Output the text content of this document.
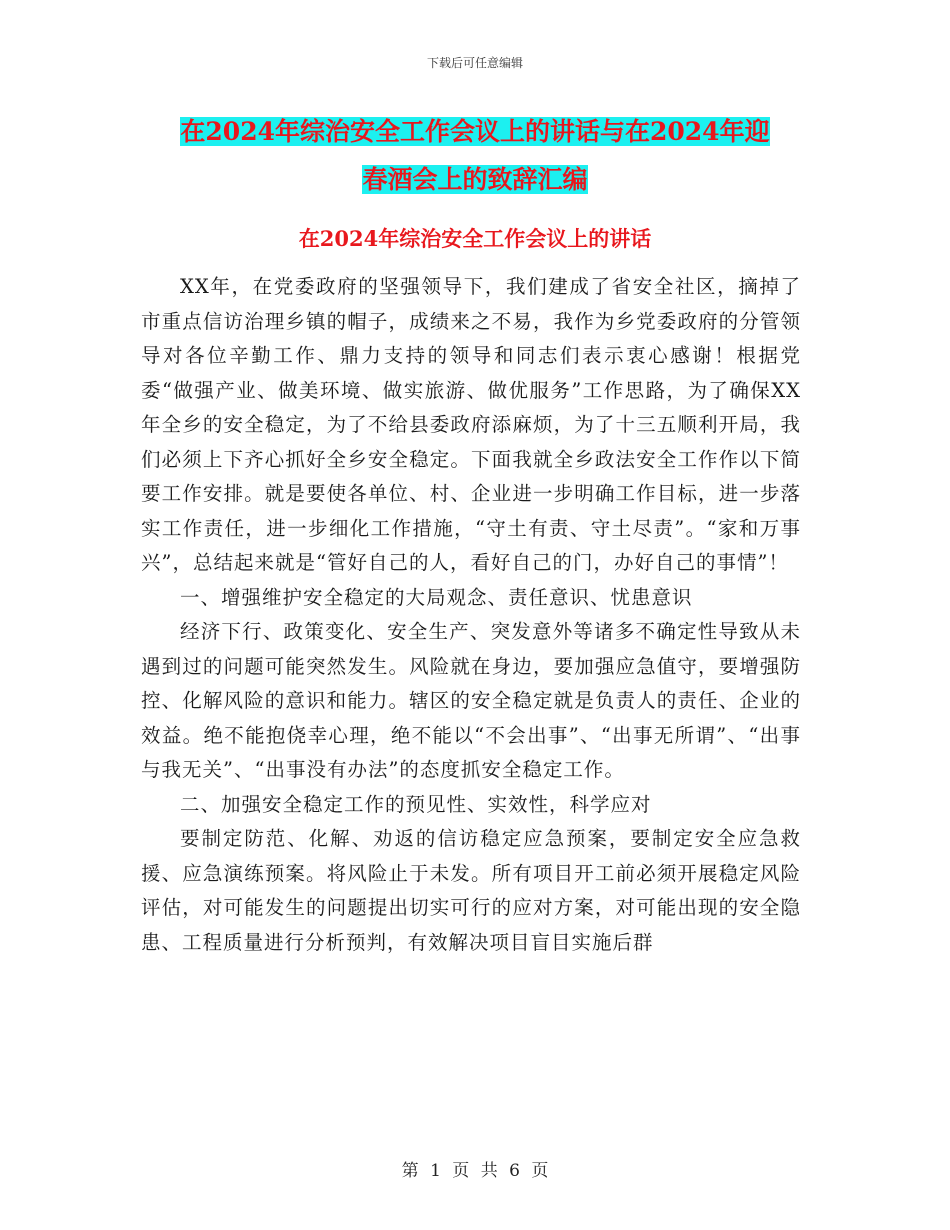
下载后可任意编辑
在2024年综治安全工作会议上的讲话与在2024年迎
春酒会上的致辞汇编
在2024年综治安全工作会议上的讲话

XX年，在党委政府的坚强领导下，我们建成了省安全社区，摘掉了市重点信访治理乡镇的帽子，成绩来之不易，我作为乡党委政府的分管领导对各位辛勤工作、鼎力支持的领导和同志们表示衷心感谢！根据党委“做强产业、做美环境、做实旅游、做优服务”工作思路，为了确保XX年全乡的安全稳定，为了不给县委政府添麻烦，为了十三五顺利开局，我们必须上下齐心抓好全乡安全稳定。下面我就全乡政法安全工作作以下简要工作安排。就是要使各单位、村、企业进一步明确工作目标，进一步落实工作责任，进一步细化工作措施，“守土有责、守土尽责”。“家和万事兴”，总结起来就是“管好自己的人，看好自己的门，办好自己的事情”！

一、增强维护安全稳定的大局观念、责任意识、忧患意识

经济下行、政策变化、安全生产、突发意外等诸多不确定性导致从未遇到过的问题可能突然发生。风险就在身边，要加强应急值守，要增强防控、化解风险的意识和能力。辖区的安全稳定就是负责人的责任、企业的效益。绝不能抱侥幸心理，绝不能以“不会出事”、“出事无所谓”、“出事与我无关”、“出事没有办法”的态度抓安全稳定工作。

二、加强安全稳定工作的预见性、实效性，科学应对

要制定防范、化解、劝返的信访稳定应急预案，要制定安全应急救援、应急演练预案。将风险止于未发。所有项目开工前必须开展稳定风险评估，对可能发生的问题提出切实可行的应对方案，对可能出现的安全隐患、工程质量进行分析预判，有效解决项目盲目实施后群

第 1 页 共 6 页
